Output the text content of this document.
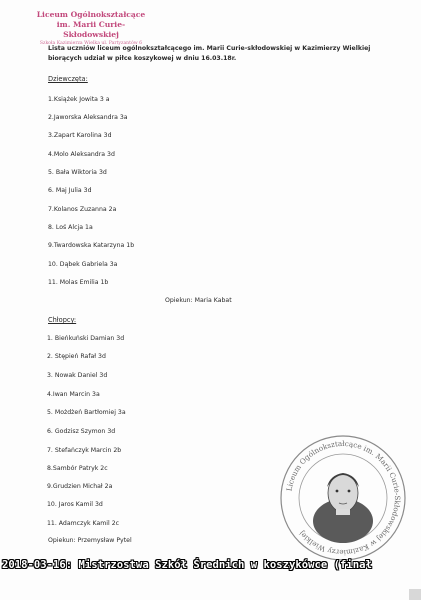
Liceum Ogólnokształcące
im. Marii Curie-Skłodowskiej
Szkoła Kazimierza Wielka ul. Partyzantów 6
Lista uczniów liceum ogólnokształcącego im. Marii Curie-skłodowskiej w Kazimierzy Wielkiej
biorących udział w piłce koszykowej w dniu 16.03.18r.
Dziewczęta:
1.Książek Jowita 3 a
2.Jaworska Aleksandra 3a
3.Zapart Karolina 3d
4.Molo Aleksandra 3d
5. Bała Wiktoria 3d
6. Maj Julia 3d
7.Kolanos Zuzanna 2a
8. Loś Alcja 1a
9.Twardowska Katarzyna 1b
10. Dąbek Gabriela 3a
11. Molas Emilia 1b
Opiekun: Maria Kabat
Chłopcy:
1. Bieńkuński Damian 3d
2. Stępień Rafał 3d
3. Nowak Daniel 3d
4.Iwan Marcin 3a
5. Możdżeń Bartłomiej 3a
6. Godzisz Szymon 3d
7. Stefańczyk Marcin 2b
8.Sambór Patryk 2c
9.Grudzien Michał 2a
10. Jaros Kamil 3d
11. Adamczyk Kamil 2c
Opiekun: Przemysław Pytel
Liceum Ogólnokształcące im. Marii Curie-Skłodowskiej w Kazimierzy Wielkiej
2018-03-16: Mistrzostwa Szkół Średnich w koszykówce (finał
